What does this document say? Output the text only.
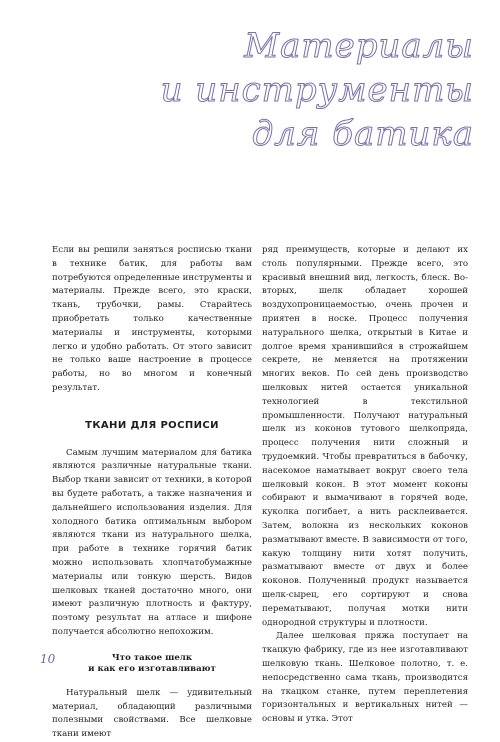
Материалы
и инструменты
для батика

Если вы решили заняться росписью ткани в технике батик, для работы вам потребуются определенные инструменты и материалы. Прежде всего, это краски, ткань, трубочки, рамы. Старайтесь приобретать только качественные материалы и инструменты, которыми легко и удобно работать. От этого зависит не только ваше настроение в процессе работы, но во многом и конечный результат.

ТКАНИ ДЛЯ РОСПИСИ

Самым лучшим материалом для батика являются различные натуральные ткани. Выбор ткани зависит от техники, в которой вы будете работать, а также назначения и дальнейшего использования изделия. Для холодного батика оптимальным выбором являются ткани из натурального шелка, при работе в технике горячий батик можно использовать хлопчатобумажные материалы или тонкую шерсть. Видов шелковых тканей достаточно много, они имеют различную плотность и фактуру, поэтому результат на атласе и шифоне получается абсолютно непохожим.

Что такое шелк
и как его изготавливают

Натуральный шелк — удивительный материал, обладающий различными полезными свойствами. Все шелковые ткани имеют

ряд преимуществ, которые и делают их столь популярными. Прежде всего, это красивый внешний вид, легкость, блеск. Во-вторых, шелк обладает хорошей воздухопроницаемостью, очень прочен и приятен в носке. Процесс получения натурального шелка, открытый в Китае и долгое время хранившийся в строжайшем секрете, не меняется на протяжении многих веков. По сей день производство шелковых нитей остается уникальной технологией в текстильной промышленности. Получают натуральный шелк из коконов тутового шелкопряда, процесс получения нити сложный и трудоемкий. Чтобы превратиться в бабочку, насекомое наматывает вокруг своего тела шелковый кокон. В этот момент коконы собирают и вымачивают в горячей воде, куколка погибает, а нить расклеивается. Затем, волокна из нескольких коконов разматывают вместе. В зависимости от того, какую толщину нити хотят получить, разматывают вместе от двух и более коконов. Полученный продукт называется шелк-сырец, его сортируют и снова перематывают, получая мотки нити однородной структуры и плотности.

Далее шелковая пряжа поступает на ткацкую фабрику, где из нее изготавливают шелковую ткань. Шелковое полотно, т. е. непосредственно сама ткань, производится на ткацком станке, путем переплетения горизонтальных и вертикальных нитей — основы и утка. Этот

10
